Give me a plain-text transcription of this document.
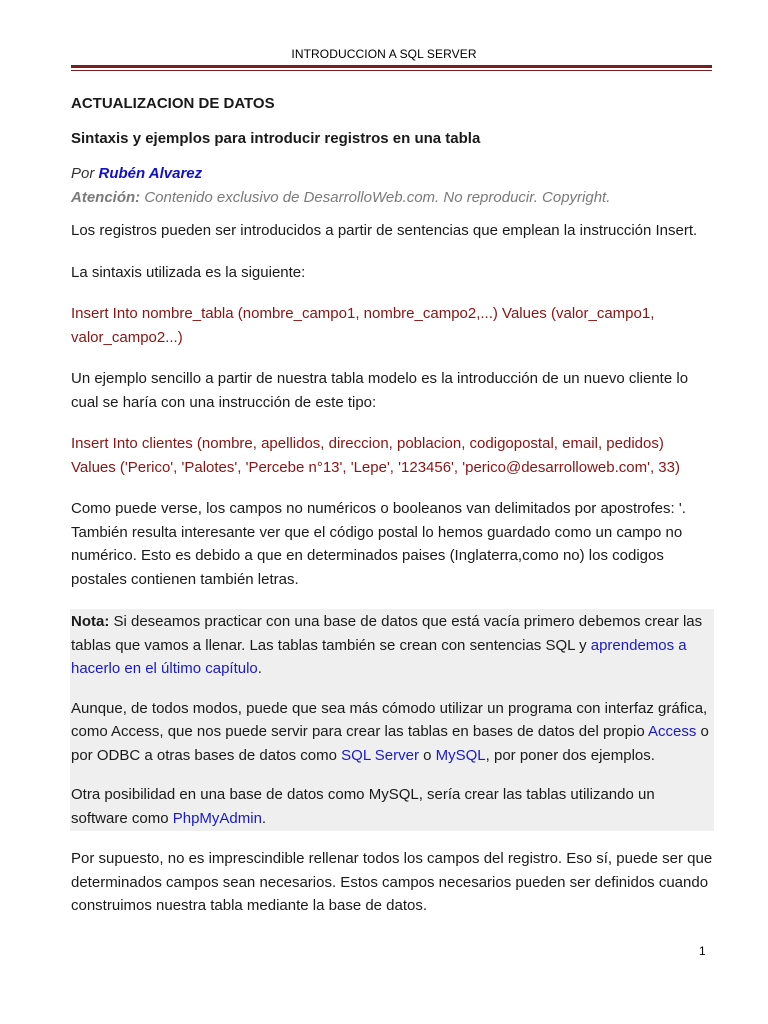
INTRODUCCION A SQL SERVER
ACTUALIZACION DE DATOS
Sintaxis y ejemplos para introducir registros en una tabla
Por Rubén Alvarez
Atención: Contenido exclusivo de DesarrolloWeb.com. No reproducir. Copyright.

Los registros pueden ser introducidos a partir de sentencias que emplean la instrucción Insert.

La sintaxis utilizada es la siguiente:

Insert Into nombre_tabla (nombre_campo1, nombre_campo2,...) Values (valor_campo1, valor_campo2...)

Un ejemplo sencillo a partir de nuestra tabla modelo es la introducción de un nuevo cliente lo cual se haría con una instrucción de este tipo:

Insert Into clientes (nombre, apellidos, direccion, poblacion, codigopostal, email, pedidos)
Values ('Perico', 'Palotes', 'Percebe n°13', 'Lepe', '123456', 'perico@desarrolloweb.com', 33)

Como puede verse, los campos no numéricos o booleanos van delimitados por apostrofes: '. También resulta interesante ver que el código postal lo hemos guardado como un campo no numérico. Esto es debido a que en determinados paises (Inglaterra,como no) los codigos postales contienen también letras.

Nota: Si deseamos practicar con una base de datos que está vacía primero debemos crear las tablas que vamos a llenar. Las tablas también se crean con sentencias SQL y aprendemos a hacerlo en el último capítulo.

Aunque, de todos modos, puede que sea más cómodo utilizar un programa con interfaz gráfica, como Access, que nos puede servir para crear las tablas en bases de datos del propio Access o por ODBC a otras bases de datos como SQL Server o MySQL, por poner dos ejemplos.

Otra posibilidad en una base de datos como MySQL, sería crear las tablas utilizando un software como PhpMyAdmin.

Por supuesto, no es imprescindible rellenar todos los campos del registro. Eso sí, puede ser que determinados campos sean necesarios. Estos campos necesarios pueden ser definidos cuando construimos nuestra tabla mediante la base de datos.

1
